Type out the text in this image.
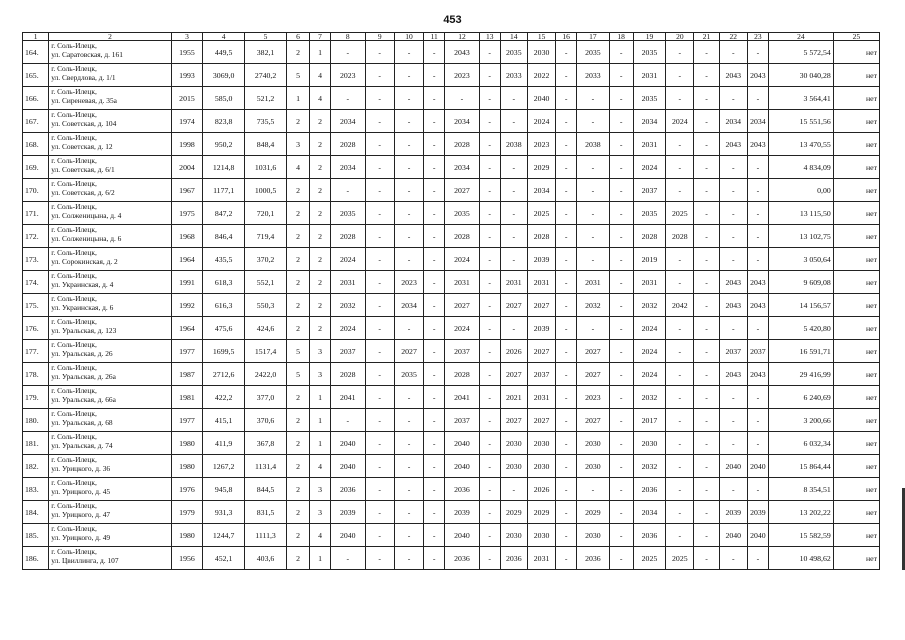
453
1	2	3	4	5	6	7	8	9	10	11	12	13	14	15	16	17	18	19	20	21	22	23	24	25
164.	г. Соль-Илецк,
ул. Саратовская, д. 161	1955	449,5	382,1	2	1	-	-	-	-	2043	-	2035	2030	-	2035	-	2035	-	-	-	-	5 572,54	нет
165.	г. Соль-Илецк,
ул. Свердлова, д. 1/1	1993	3069,0	2740,2	5	4	2023	-	-	-	2023	-	2033	2022	-	2033	-	2031	-	-	2043	2043	30 040,28	нет
166.	г. Соль-Илецк,
ул. Сиреневая, д. 35а	2015	585,0	521,2	1	4	-	-	-	-	-	-	-	2040	-	-	-	2035	-	-	-	-	3 564,41	нет
167.	г. Соль-Илецк,
ул. Советская, д. 104	1974	823,8	735,5	2	2	2034	-	-	-	2034	-	-	2024	-	-	-	2034	2024	-	2034	2034	15 551,56	нет
168.	г. Соль-Илецк,
ул. Советская, д. 12	1998	950,2	848,4	3	2	2028	-	-	-	2028	-	2038	2023	-	2038	-	2031	-	-	2043	2043	13 470,55	нет
169.	г. Соль-Илецк,
ул. Советская, д. 6/1	2004	1214,8	1031,6	4	2	2034	-	-	-	2034	-	-	2029	-	-	-	2024	-	-	-	-	4 834,09	нет
170.	г. Соль-Илецк,
ул. Советская, д. 6/2	1967	1177,1	1000,5	2	2	-	-	-	-	2027	-	-	2034	-	-	-	2037	-	-	-	-	0,00	нет
171.	г. Соль-Илецк,
ул. Солженицына, д. 4	1975	847,2	720,1	2	2	2035	-	-	-	2035	-	-	2025	-	-	-	2035	2025	-	-	-	13 115,50	нет
172.	г. Соль-Илецк,
ул. Солженицына, д. 6	1968	846,4	719,4	2	2	2028	-	-	-	2028	-	-	2028	-	-	-	2028	2028	-	-	-	13 102,75	нет
173.	г. Соль-Илецк,
ул. Сорокинская, д. 2	1964	435,5	370,2	2	2	2024	-	-	-	2024	-	-	2039	-	-	-	2019	-	-	-	-	3 050,64	нет
174.	г. Соль-Илецк,
ул. Украинская, д. 4	1991	618,3	552,1	2	2	2031	-	2023	-	2031	-	2031	2031	-	2031	-	2031	-	-	2043	2043	9 609,08	нет
175.	г. Соль-Илецк,
ул. Украинская, д. 6	1992	616,3	550,3	2	2	2032	-	2034	-	2027	-	2027	2027	-	2032	-	2032	2042	-	2043	2043	14 156,57	нет
176.	г. Соль-Илецк,
ул. Уральская, д. 123	1964	475,6	424,6	2	2	2024	-	-	-	2024	-	-	2039	-	-	-	2024	-	-	-	-	5 420,80	нет
177.	г. Соль-Илецк,
ул. Уральская, д. 26	1977	1699,5	1517,4	5	3	2037	-	2027	-	2037	-	2026	2027	-	2027	-	2024	-	-	2037	2037	16 591,71	нет
178.	г. Соль-Илецк,
ул. Уральская, д. 26а	1987	2712,6	2422,0	5	3	2028	-	2035	-	2028	-	2027	2037	-	2027	-	2024	-	-	2043	2043	29 416,99	нет
179.	г. Соль-Илецк,
ул. Уральская, д. 66а	1981	422,2	377,0	2	1	2041	-	-	-	2041	-	2021	2031	-	2023	-	2032	-	-	-	-	6 240,69	нет
180.	г. Соль-Илецк,
ул. Уральская, д. 68	1977	415,1	370,6	2	1	-	-	-	-	2037	-	2027	2027	-	2027	-	2017	-	-	-	-	3 200,66	нет
181.	г. Соль-Илецк,
ул. Уральская, д. 74	1980	411,9	367,8	2	1	2040	-	-	-	2040	-	2030	2030	-	2030	-	2030	-	-	-	-	6 032,34	нет
182.	г. Соль-Илецк,
ул. Урицкого, д. 36	1980	1267,2	1131,4	2	4	2040	-	-	-	2040	-	2030	2030	-	2030	-	2032	-	-	2040	2040	15 864,44	нет
183.	г. Соль-Илецк,
ул. Урицкого, д. 45	1976	945,8	844,5	2	3	2036	-	-	-	2036	-	-	2026	-	-	-	2036	-	-	-	-	8 354,51	нет
184.	г. Соль-Илецк,
ул. Урицкого, д. 47	1979	931,3	831,5	2	3	2039	-	-	-	2039	-	2029	2029	-	2029	-	2034	-	-	2039	2039	13 202,22	нет
185.	г. Соль-Илецк,
ул. Урицкого, д. 49	1980	1244,7	1111,3	2	4	2040	-	-	-	2040	-	2030	2030	-	2030	-	2036	-	-	2040	2040	15 582,59	нет
186.	г. Соль-Илецк,
ул. Цвиллинга, д. 107	1956	452,1	403,6	2	1	-	-	-	-	2036	-	2036	2031	-	2036	-	2025	2025	-	-	-	10 498,62	нет
